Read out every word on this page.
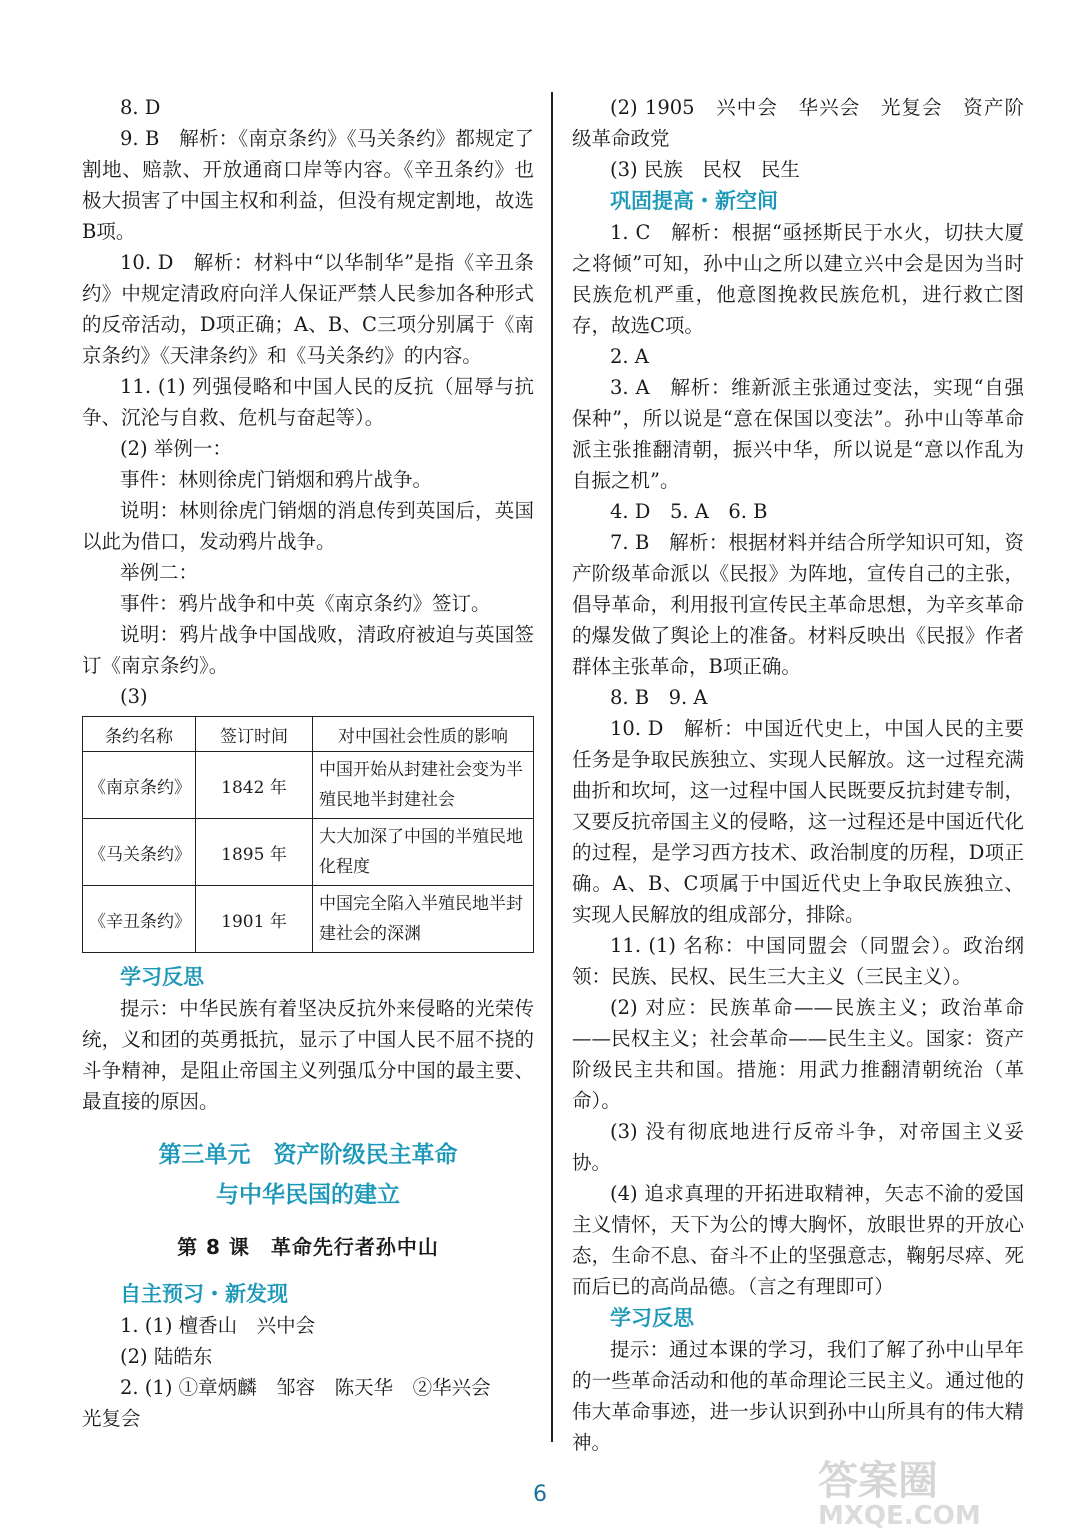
8. D

9. B　解析：《南京条约》《马关条约》都规定了割地、赔款、开放通商口岸等内容。《辛丑条约》也极大损害了中国主权和利益，但没有规定割地，故选B项。

10. D　解析：材料中“以华制华”是指《辛丑条约》中规定清政府向洋人保证严禁人民参加各种形式的反帝活动，D项正确；A、B、C三项分别属于《南京条约》《天津条约》和《马关条约》的内容。

11. (1) 列强侵略和中国人民的反抗（屈辱与抗争、沉沦与自救、危机与奋起等）。

(2) 举例一：

事件：林则徐虎门销烟和鸦片战争。

说明：林则徐虎门销烟的消息传到英国后，英国以此为借口，发动鸦片战争。

举例二：

事件：鸦片战争和中英《南京条约》签订。

说明：鸦片战争中国战败，清政府被迫与英国签订《南京条约》。

(3)

条约名称	签订时间	对中国社会性质的影响
《南京条约》	1842 年	中国开始从封建社会变为半殖民地半封建社会
《马关条约》	1895 年	大大加深了中国的半殖民地化程度
《辛丑条约》	1901 年	中国完全陷入半殖民地半封建社会的深渊

学习反思

提示：中华民族有着坚决反抗外来侵略的光荣传统，义和团的英勇抵抗，显示了中国人民不屈不挠的斗争精神，是阻止帝国主义列强瓜分中国的最主要、最直接的原因。

第三单元　资产阶级民主革命
与中华民国的建立
第 8 课　革命先行者孙中山

自主预习・新发现

1. (1) 檀香山　兴中会

(2) 陆皓东

2. (1) ①章炳麟　邹容　陈天华　②华兴会

光复会

(2) 1905　兴中会　华兴会　光复会　资产阶级革命政党

(3) 民族　民权　民生

巩固提高・新空间

1. C　解析：根据“亟拯斯民于水火，切扶大厦之将倾”可知，孙中山之所以建立兴中会是因为当时民族危机严重，他意图挽救民族危机，进行救亡图存，故选C项。

2. A

3. A　解析：维新派主张通过变法，实现“自强保种”，所以说是“意在保国以变法”。孙中山等革命派主张推翻清朝，振兴中华，所以说是“意以作乱为自振之机”。

4. D　5. A　6. B

7. B　解析：根据材料并结合所学知识可知，资产阶级革命派以《民报》为阵地，宣传自己的主张，倡导革命，利用报刊宣传民主革命思想，为辛亥革命的爆发做了舆论上的准备。材料反映出《民报》作者群体主张革命，B项正确。

8. B　9. A

10. D　解析：中国近代史上，中国人民的主要任务是争取民族独立、实现人民解放。这一过程充满曲折和坎坷，这一过程中国人民既要反抗封建专制，又要反抗帝国主义的侵略，这一过程还是中国近代化的过程，是学习西方技术、政治制度的历程，D项正确。A、B、C项属于中国近代史上争取民族独立、实现人民解放的组成部分，排除。

11. (1) 名称：中国同盟会（同盟会）。政治纲领：民族、民权、民生三大主义（三民主义）。

(2) 对应：民族革命——民族主义；政治革命——民权主义；社会革命——民生主义。国家：资产阶级民主共和国。措施：用武力推翻清朝统治（革命）。

(3) 没有彻底地进行反帝斗争，对帝国主义妥协。

(4) 追求真理的开拓进取精神，矢志不渝的爱国主义情怀，天下为公的博大胸怀，放眼世界的开放心态，生命不息、奋斗不止的坚强意志，鞠躬尽瘁、死而后已的高尚品德。（言之有理即可）

学习反思

提示：通过本课的学习，我们了解了孙中山早年的一些革命活动和他的革命理论三民主义。通过他的伟大革命事迹，进一步认识到孙中山所具有的伟大精神。

6	答案圈
MXQE.COM
